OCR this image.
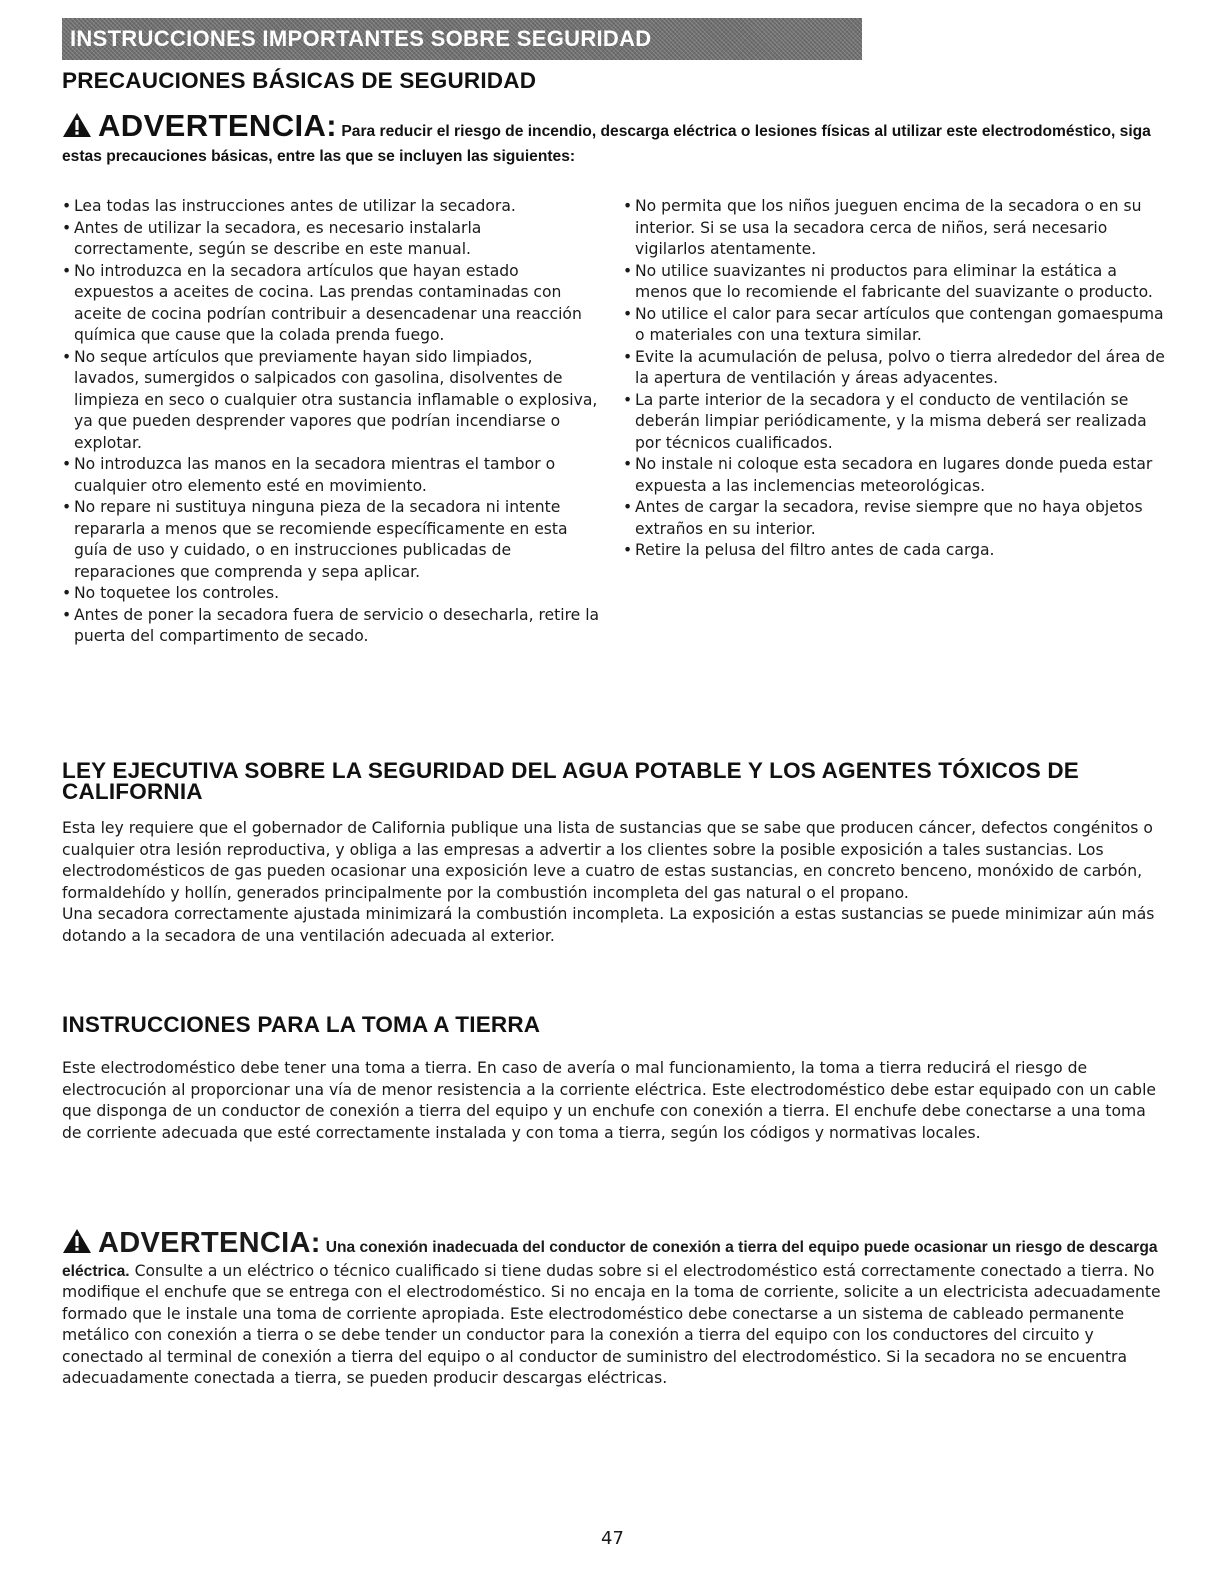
INSTRUCCIONES IMPORTANTES SOBRE SEGURIDAD
PRECAUCIONES BÁSICAS DE SEGURIDAD
ADVERTENCIA: Para reducir el riesgo de incendio, descarga eléctrica o lesiones físicas al utilizar este electrodoméstico, siga estas precauciones básicas, entre las que se incluyen las siguientes:
• Lea todas las instrucciones antes de utilizar la secadora.
• Antes de utilizar la secadora, es necesario instalarla correctamente, según se describe en este manual.
• No introduzca en la secadora artículos que hayan estado expuestos a aceites de cocina. Las prendas contaminadas con aceite de cocina podrían contribuir a desencadenar una reacción química que cause que la colada prenda fuego.
• No seque artículos que previamente hayan sido limpiados, lavados, sumergidos o salpicados con gasolina, disolventes de limpieza en seco o cualquier otra sustancia inflamable o explosiva, ya que pueden desprender vapores que podrían incendiarse o explotar.
• No introduzca las manos en la secadora mientras el tambor o cualquier otro elemento esté en movimiento.
• No repare ni sustituya ninguna pieza de la secadora ni intente repararla a menos que se recomiende específicamente en esta guía de uso y cuidado, o en instrucciones publicadas de reparaciones que comprenda y sepa aplicar.
• No toquetee los controles.
• Antes de poner la secadora fuera de servicio o desecharla, retire la puerta del compartimento de secado.
• No permita que los niños jueguen encima de la secadora o en su interior. Si se usa la secadora cerca de niños, será necesario vigilarlos atentamente.
• No utilice suavizantes ni productos para eliminar la estática a menos que lo recomiende el fabricante del suavizante o producto.
• No utilice el calor para secar artículos que contengan gomaespuma o materiales con una textura similar.
• Evite la acumulación de pelusa, polvo o tierra alrededor del área de la apertura de ventilación y áreas adyacentes.
• La parte interior de la secadora y el conducto de ventilación se deberán limpiar periódicamente, y la misma deberá ser realizada por técnicos cualificados.
• No instale ni coloque esta secadora en lugares donde pueda estar expuesta a las inclemencias meteorológicas.
• Antes de cargar la secadora, revise siempre que no haya objetos extraños en su interior.
• Retire la pelusa del filtro antes de cada carga.
LEY EJECUTIVA SOBRE LA SEGURIDAD DEL AGUA POTABLE Y LOS AGENTES TÓXICOS DE CALIFORNIA
Esta ley requiere que el gobernador de California publique una lista de sustancias que se sabe que producen cáncer, defectos congénitos o cualquier otra lesión reproductiva, y obliga a las empresas a advertir a los clientes sobre la posible exposición a tales sustancias. Los electrodomésticos de gas pueden ocasionar una exposición leve a cuatro de estas sustancias, en concreto benceno, monóxido de carbón, formaldehído y hollín, generados principalmente por la combustión incompleta del gas natural o el propano.
Una secadora correctamente ajustada minimizará la combustión incompleta. La exposición a estas sustancias se puede minimizar aún más dotando a la secadora de una ventilación adecuada al exterior.
INSTRUCCIONES PARA LA TOMA A TIERRA
Este electrodoméstico debe tener una toma a tierra. En caso de avería o mal funcionamiento, la toma a tierra reducirá el riesgo de electrocución al proporcionar una vía de menor resistencia a la corriente eléctrica. Este electrodoméstico debe estar equipado con un cable que disponga de un conductor de conexión a tierra del equipo y un enchufe con conexión a tierra. El enchufe debe conectarse a una toma de corriente adecuada que esté correctamente instalada y con toma a tierra, según los códigos y normativas locales.
ADVERTENCIA: Una conexión inadecuada del conductor de conexión a tierra del equipo puede ocasionar un riesgo de descarga eléctrica. Consulte a un eléctrico o técnico cualificado si tiene dudas sobre si el electrodoméstico está correctamente conectado a tierra. No modifique el enchufe que se entrega con el electrodoméstico. Si no encaja en la toma de corriente, solicite a un electricista adecuadamente formado que le instale una toma de corriente apropiada. Este electrodoméstico debe conectarse a un sistema de cableado permanente metálico con conexión a tierra o se debe tender un conductor para la conexión a tierra del equipo con los conductores del circuito y conectado al terminal de conexión a tierra del equipo o al conductor de suministro del electrodoméstico. Si la secadora no se encuentra adecuadamente conectada a tierra, se pueden producir descargas eléctricas.
47
